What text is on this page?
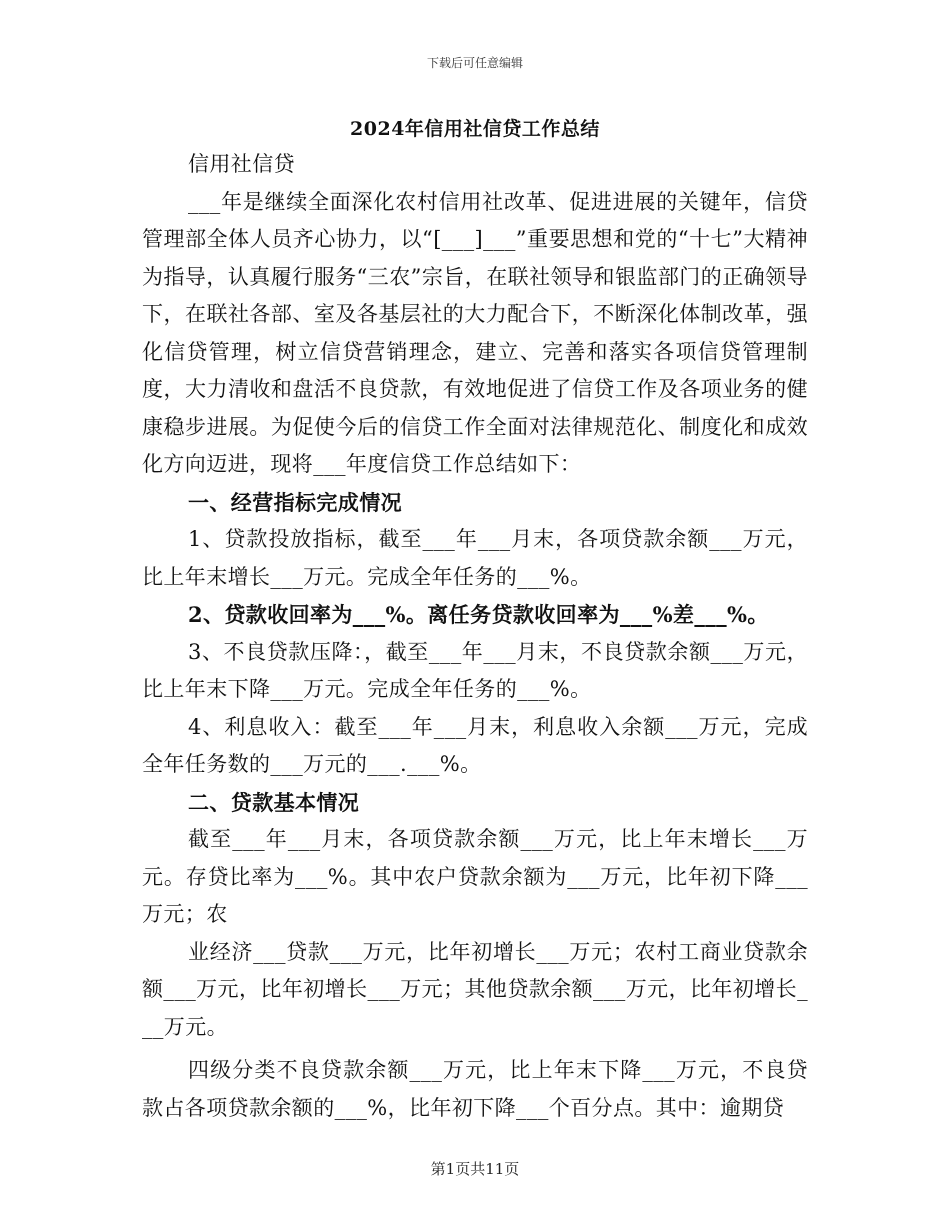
下载后可任意编辑
2024年信用社信贷工作总结

信用社信贷

___年是继续全面深化农村信用社改革、促进进展的关键年，信贷管理部全体人员齐心协力，以“[___]___”重要思想和党的“十七”大精神为指导，认真履行服务“三农”宗旨，在联社领导和银监部门的正确领导下，在联社各部、室及各基层社的大力配合下，不断深化体制改革，强化信贷管理，树立信贷营销理念，建立、完善和落实各项信贷管理制度，大力清收和盘活不良贷款，有效地促进了信贷工作及各项业务的健康稳步进展。为促使今后的信贷工作全面对法律规范化、制度化和成效化方向迈进，现将___年度信贷工作总结如下：

一、经营指标完成情况

1、贷款投放指标，截至___年___月末，各项贷款余额___万元，比上年末增长___万元。完成全年任务的___%。

2、贷款收回率为___%。离任务贷款收回率为___%差___%。

3、不良贷款压降：，截至___年___月末，不良贷款余额___万元，比上年末下降___万元。完成全年任务的___%。

4、利息收入：截至___年___月末，利息收入余额___万元，完成全年任务数的___万元的___.___%。

二、贷款基本情况

截至___年___月末，各项贷款余额___万元，比上年末增长___万元。存贷比率为___%。其中农户贷款余额为___万元，比年初下降___万元；农

业经济___贷款___万元，比年初增长___万元；农村工商业贷款余额___万元，比年初增长___万元；其他贷款余额___万元，比年初增长___万元。

四级分类不良贷款余额___万元，比上年末下降___万元，不良贷款占各项贷款余额的___%，比年初下降___个百分点。其中：逾期贷

第1页共11页
